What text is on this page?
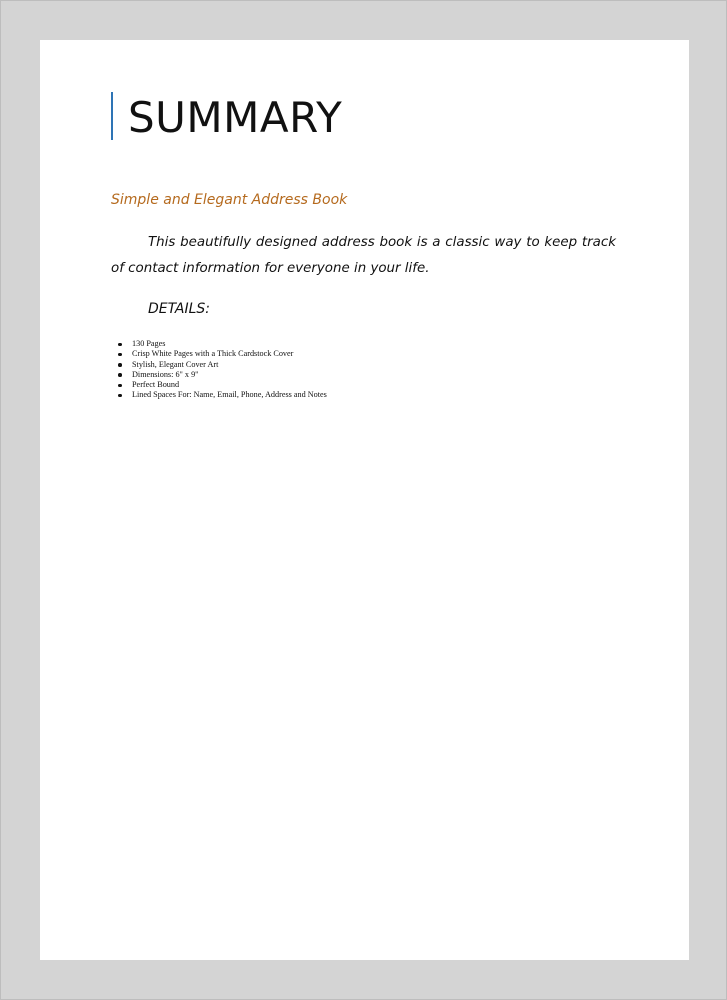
SUMMARY

Simple and Elegant Address Book

This beautifully designed address book is a classic way to keep track of contact information for everyone in your life.

DETAILS:
130 Pages
Crisp White Pages with a Thick Cardstock Cover
Stylish, Elegant Cover Art
Dimensions: 6" x 9"
Perfect Bound
Lined Spaces For: Name, Email, Phone, Address and Notes
